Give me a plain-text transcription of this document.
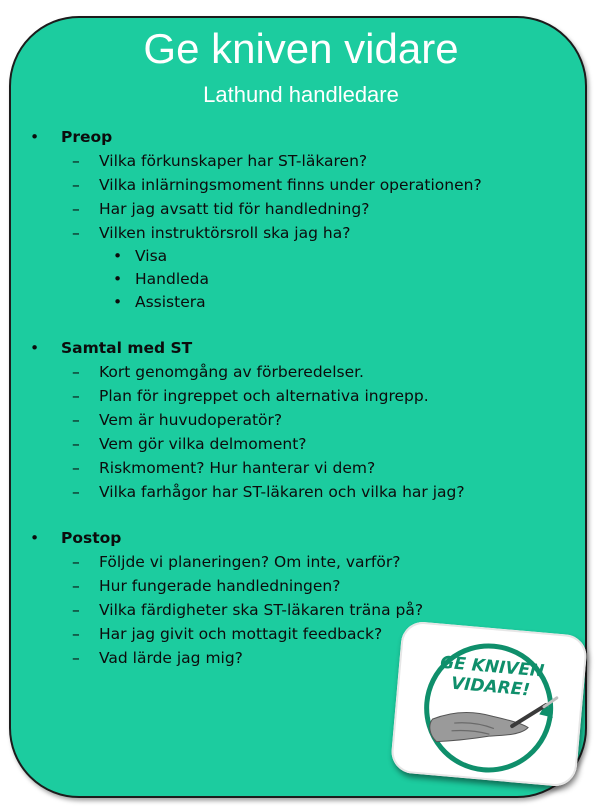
Ge kniven vidare
Lathund handledare
• Preop
– Vilka förkunskaper har ST-läkaren?
– Vilka inlärningsmoment finns under operationen?
– Har jag avsatt tid för handledning?
– Vilken instruktörsroll ska jag ha?
• Visa
• Handleda
• Assistera
• Samtal med ST
– Kort genomgång av förberedelser.
– Plan för ingreppet och alternativa ingrepp.
– Vem är huvudoperatör?
– Vem gör vilka delmoment?
– Riskmoment? Hur hanterar vi dem?
– Vilka farhågor har ST-läkaren och vilka har jag?
• Postop
– Följde vi planeringen? Om inte, varför?
– Hur fungerade handledningen?
– Vilka färdigheter ska ST-läkaren träna på?
– Har jag givit och mottagit feedback?
– Vad lärde jag mig?	GE KNIVEN
VIDARE!
